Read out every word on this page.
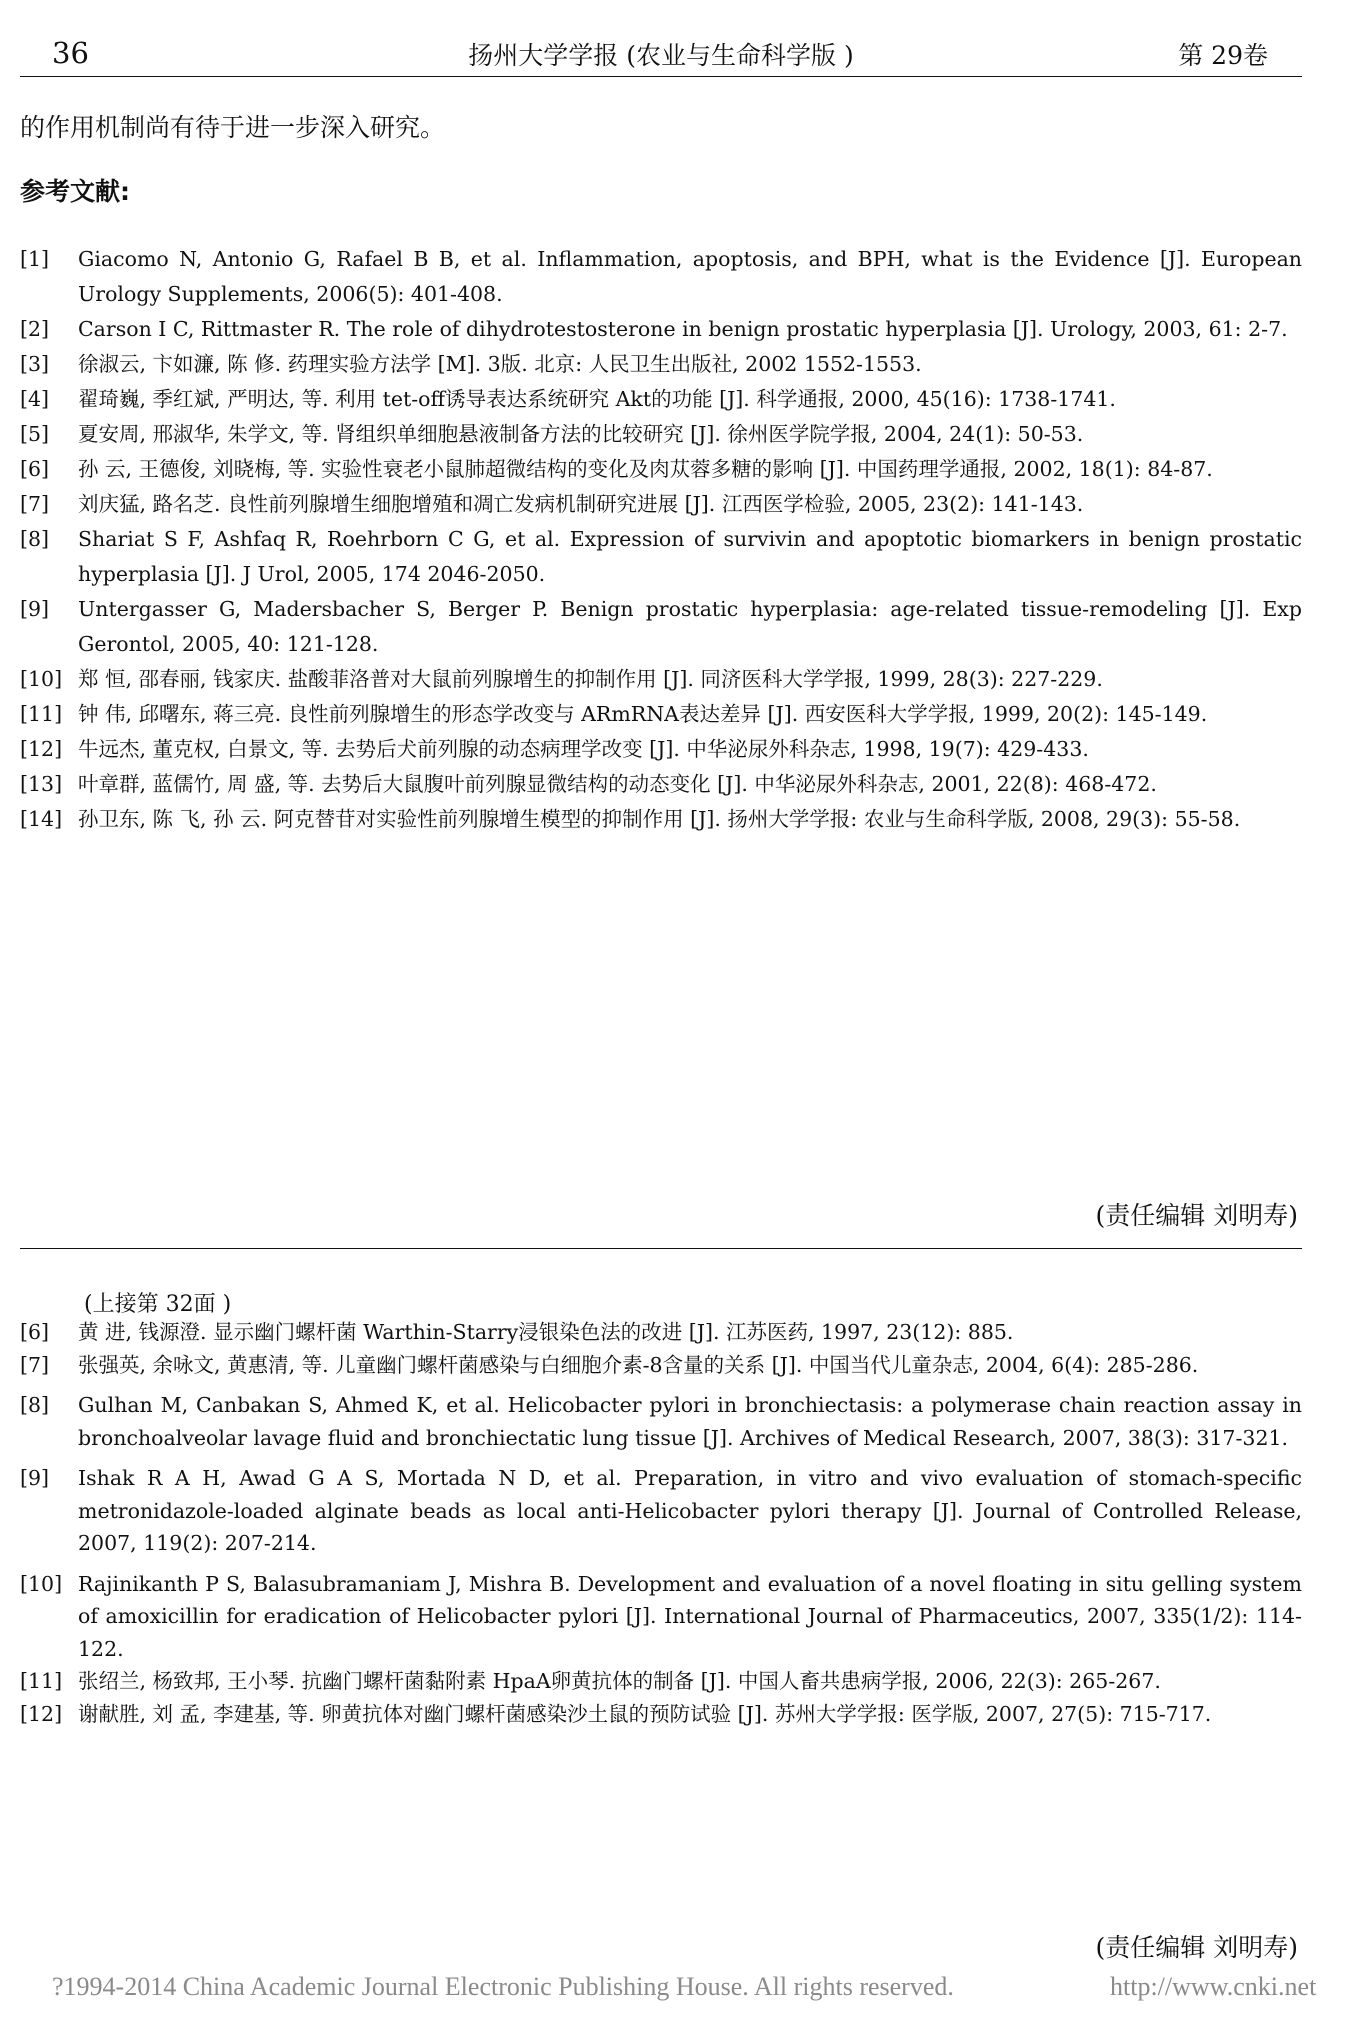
36	扬州大学学报 (农业与生命科学版 )	第 29卷
的作用机制尚有待于进一步深入研究。
参考文献:
[1]	Giacomo N, Antonio G, Rafael B B, et al. Inflammation, apoptosis, and BPH, what is the Evidence [J]. European Urology Supplements, 2006(5): 401-408.
[2]	Carson I C, Rittmaster R. The role of dihydrotestosterone in benign prostatic hyperplasia [J]. Urology, 2003, 61: 2-7.
[3]	徐淑云, 卞如濂, 陈 修. 药理实验方法学 [M]. 3版. 北京: 人民卫生出版社, 2002 1552-1553.
[4]	翟琦巍, 季红斌, 严明达, 等. 利用 tet-off诱导表达系统研究 Akt的功能 [J]. 科学通报, 2000, 45(16): 1738-1741.
[5]	夏安周, 邢淑华, 朱学文, 等. 肾组织单细胞悬液制备方法的比较研究 [J]. 徐州医学院学报, 2004, 24(1): 50-53.
[6]	孙 云, 王德俊, 刘晓梅, 等. 实验性衰老小鼠肺超微结构的变化及肉苁蓉多糖的影响 [J]. 中国药理学通报, 2002, 18(1): 84-87.
[7]	刘庆猛, 路名芝. 良性前列腺增生细胞增殖和凋亡发病机制研究进展 [J]. 江西医学检验, 2005, 23(2): 141-143.
[8]	Shariat S F, Ashfaq R, Roehrborn C G, et al. Expression of survivin and apoptotic biomarkers in benign prostatic hyperplasia [J]. J Urol, 2005, 174 2046-2050.
[9]	Untergasser G, Madersbacher S, Berger P. Benign prostatic hyperplasia: age-related tissue-remodeling [J]. Exp Gerontol, 2005, 40: 121-128.
[10] 郑 恒, 邵春丽, 钱家庆. 盐酸菲洛普对大鼠前列腺增生的抑制作用 [J]. 同济医科大学学报, 1999, 28(3): 227-229.
[11] 钟 伟, 邱曙东, 蒋三亮. 良性前列腺增生的形态学改变与 ARmRNA表达差异 [J]. 西安医科大学学报, 1999, 20(2): 145-149.
[12] 牛远杰, 董克权, 白景文, 等. 去势后犬前列腺的动态病理学改变 [J]. 中华泌尿外科杂志, 1998, 19(7): 429-433.
[13] 叶章群, 蓝儒竹, 周 盛, 等. 去势后大鼠腹叶前列腺显微结构的动态变化 [J]. 中华泌尿外科杂志, 2001, 22(8): 468-472.
[14] 孙卫东, 陈 飞, 孙 云. 阿克替苷对实验性前列腺增生模型的抑制作用 [J]. 扬州大学学报: 农业与生命科学版, 2008, 29(3): 55-58.
(责任编辑 刘明寿)
(上接第 32面 )
[6]	黄 进, 钱源澄. 显示幽门螺杆菌 Warthin-Starry浸银染色法的改进 [J]. 江苏医药, 1997, 23(12): 885.
[7]	张强英, 余咏文, 黄惠清, 等. 儿童幽门螺杆菌感染与白细胞介素-8含量的关系 [J]. 中国当代儿童杂志, 2004, 6(4): 285-286.
[8]	Gulhan M, Canbakan S, Ahmed K, et al. Helicobacter pylori in bronchiectasis: a polymerase chain reaction assay in bronchoalveolar lavage fluid and bronchiectatic lung tissue [J]. Archives of Medical Research, 2007, 38(3): 317-321.
[9]	Ishak R A H, Awad G A S, Mortada N D, et al. Preparation, in vitro and vivo evaluation of stomach-specific metronidazole-loaded alginate beads as local anti-Helicobacter pylori therapy [J]. Journal of Controlled Release, 2007, 119(2): 207-214.
[10] Rajinikanth P S, Balasubramaniam J, Mishra B. Development and evaluation of a novel floating in situ gelling system of amoxicillin for eradication of Helicobacter pylori [J]. International Journal of Pharmaceutics, 2007, 335(1/2): 114-122.
[11] 张绍兰, 杨致邦, 王小琴. 抗幽门螺杆菌黏附素 HpaA卵黄抗体的制备 [J]. 中国人畜共患病学报, 2006, 22(3): 265-267.
[12] 谢献胜, 刘 孟, 李建基, 等. 卵黄抗体对幽门螺杆菌感染沙土鼠的预防试验 [J]. 苏州大学学报: 医学版, 2007, 27(5): 715-717.
(责任编辑 刘明寿)
?1994-2014 China Academic Journal Electronic Publishing House. All rights reserved.	http://www.cnki.net
